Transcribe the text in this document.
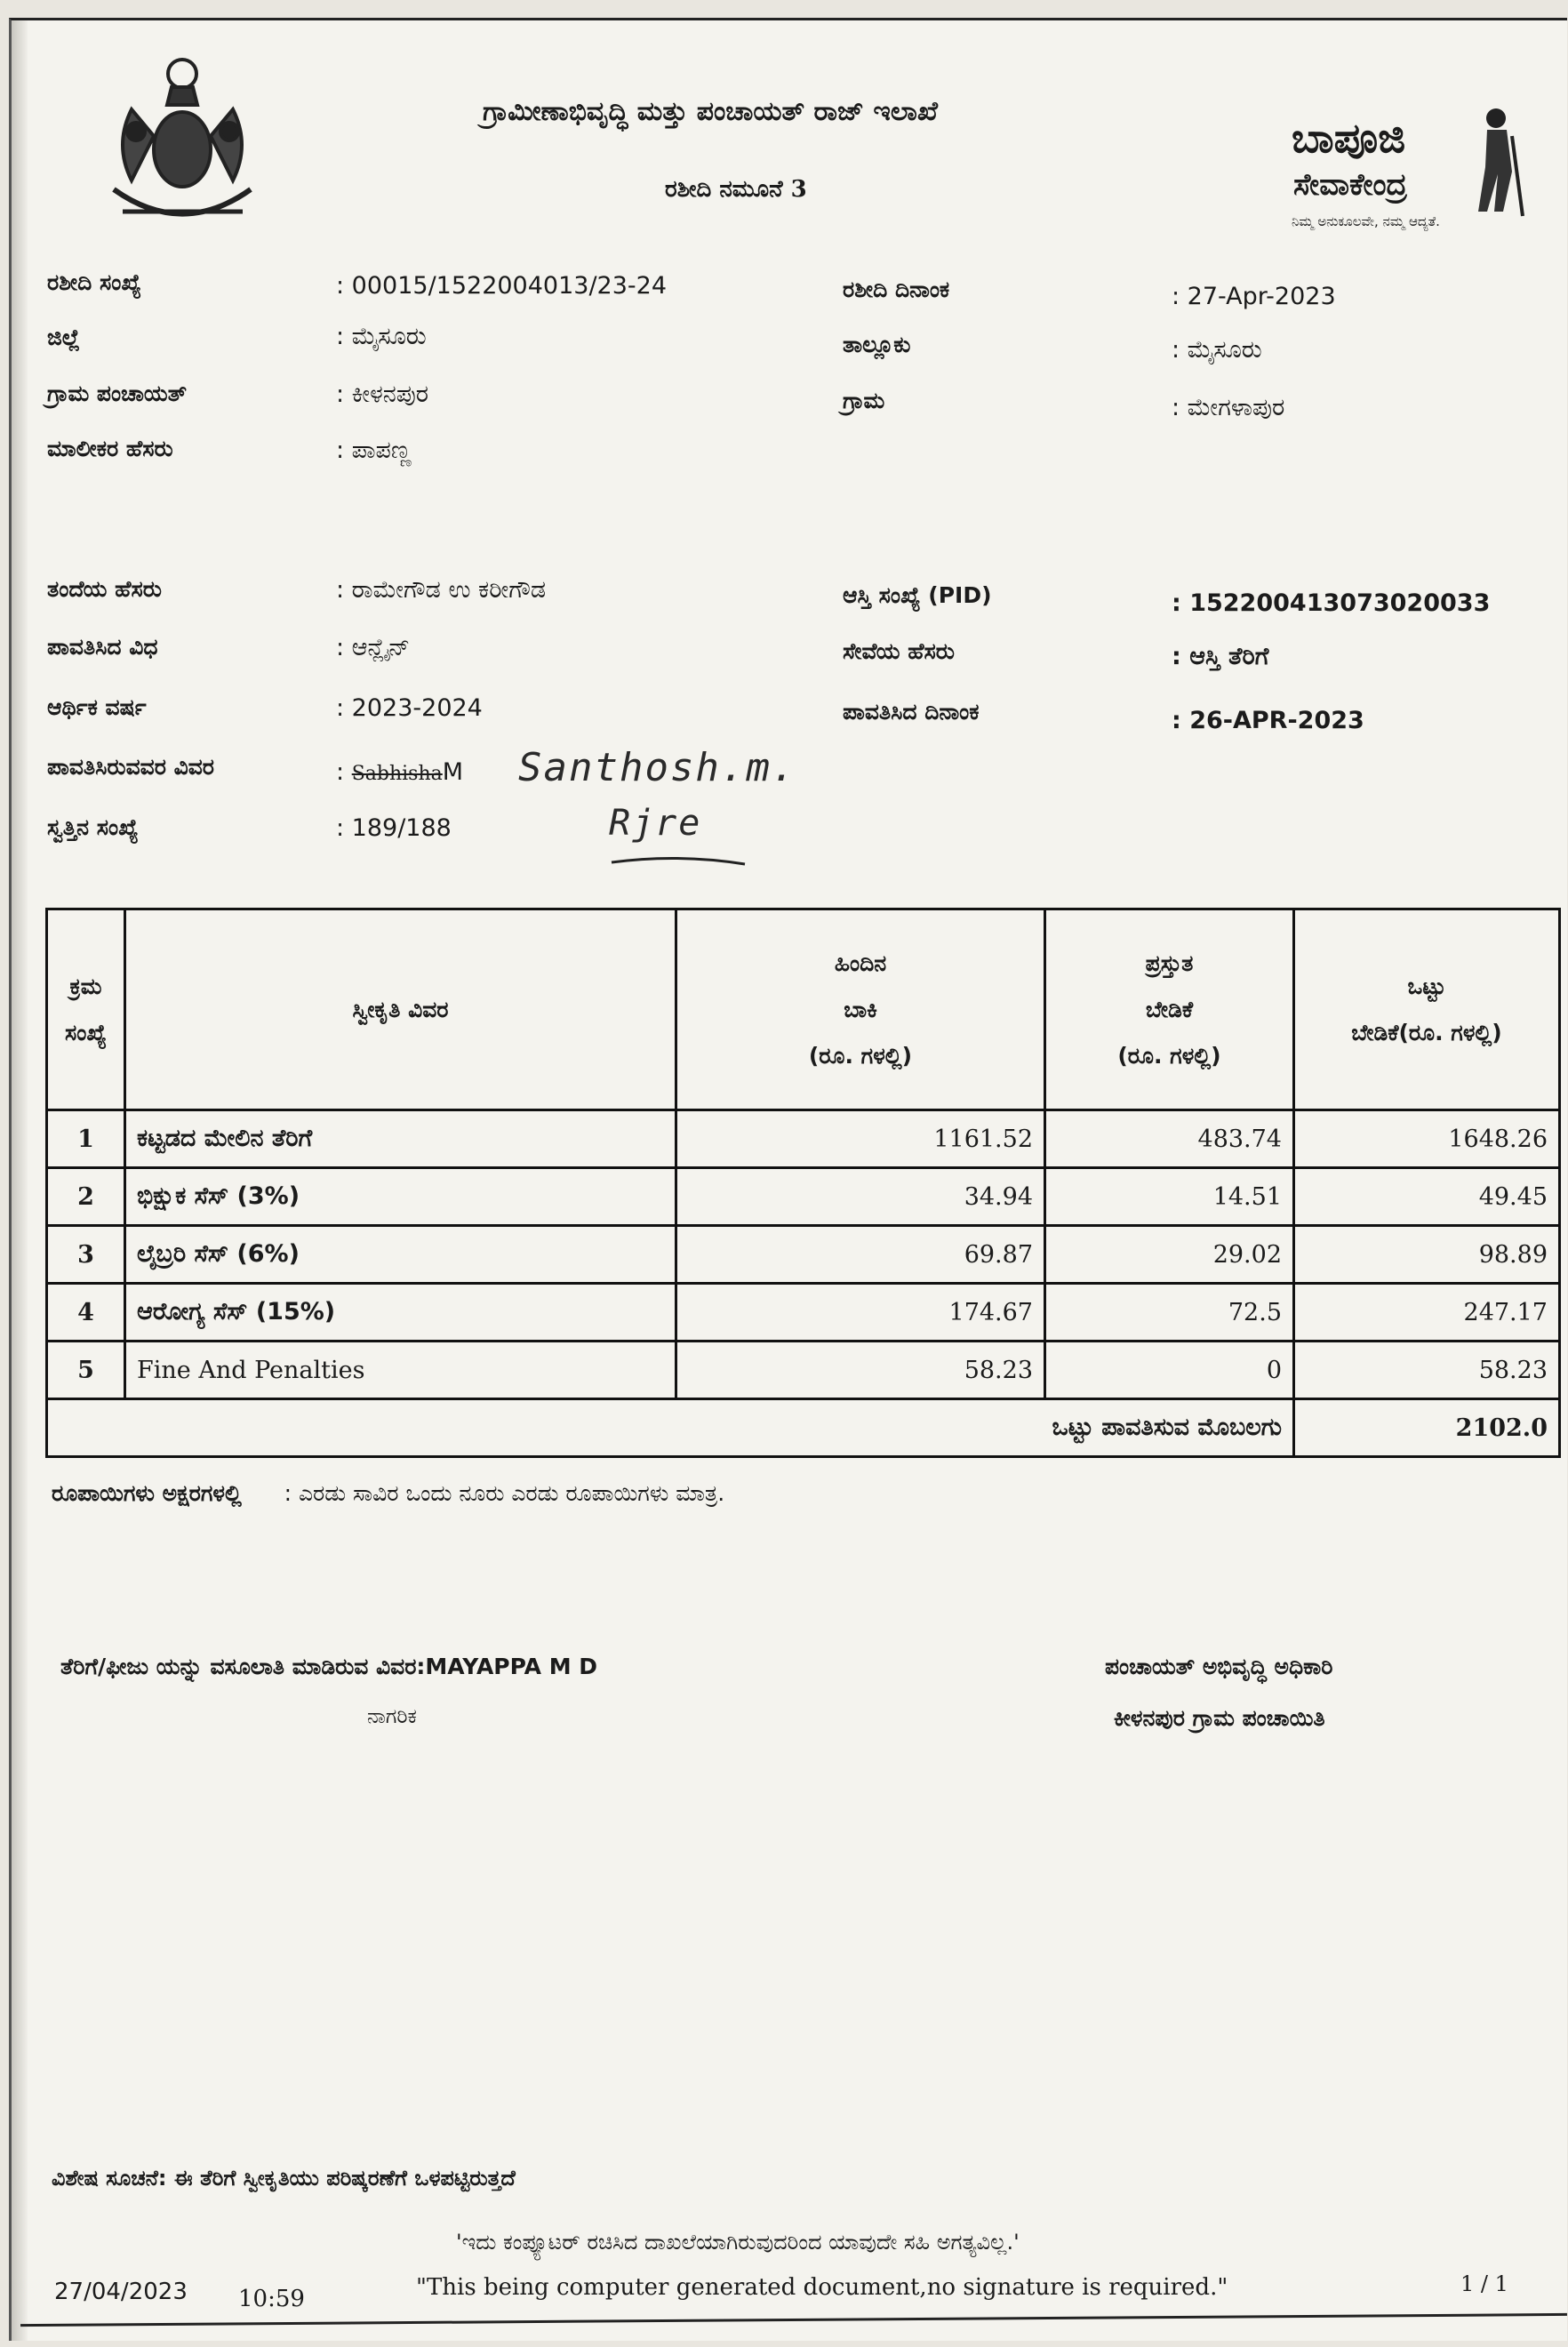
ಗ್ರಾಮೀಣಾಭಿವೃದ್ಧಿ ಮತ್ತು ಪಂಚಾಯತ್ ರಾಜ್ ಇಲಾಖೆ
ರಶೀದಿ ನಮೂನೆ 3
ಬಾಪೂಜಿ
ಸೇವಾಕೇಂದ್ರ
ನಿಮ್ಮ ಅನುಕೂಲವೇ, ನಮ್ಮ ಆದ್ಯತೆ.
ರಶೀದಿ ಸಂಖ್ಯೆ	: 00015/1522004013/23-24	ರಶೀದಿ ದಿನಾಂಕ	: 27-Apr-2023
ಜಿಲ್ಲೆ	: ಮೈಸೂರು	ತಾಲ್ಲೂಕು	: ಮೈಸೂರು
ಗ್ರಾಮ ಪಂಚಾಯತ್	: ಕೀಳನಪುರ	ಗ್ರಾಮ	: ಮೇಗಳಾಪುರ
ಮಾಲೀಕರ ಹೆಸರು	: ಪಾಪಣ್ಣ
ತಂದೆಯ ಹೆಸರು	: ರಾಮೇಗೌಡ ಉ ಕರೀಗೌಡ	ಆಸ್ತಿ ಸಂಖ್ಯೆ (PID)	: 152200413073020033
ಪಾವತಿಸಿದ ವಿಧ	: ಆನ್ಲೈನ್	ಸೇವೆಯ ಹೆಸರು	: ಆಸ್ತಿ ತೆರಿಗೆ
ಆರ್ಥಿಕ ವರ್ಷ	: 2023-2024	ಪಾವತಿಸಿದ ದಿನಾಂಕ	: 26-APR-2023
ಪಾವತಿಸಿರುವವರ ವಿವರ	: SabhishaM Santhosh.m.
ಸ್ವತ್ತಿನ ಸಂಖ್ಯೆ	: 189/188	Rjre
ಕ್ರಮ
ಸಂಖ್ಯೆ	ಸ್ವೀಕೃತಿ ವಿವರ	ಹಿಂದಿನ
ಬಾಕಿ
(ರೂ. ಗಳಲ್ಲಿ)	ಪ್ರಸ್ತುತ
ಬೇಡಿಕೆ
(ರೂ. ಗಳಲ್ಲಿ)	ಒಟ್ಟು
ಬೇಡಿಕೆ(ರೂ. ಗಳಲ್ಲಿ)

1	ಕಟ್ಟಡದ ಮೇಲಿನ ತೆರಿಗೆ	1161.52	483.74	1648.26
2	ಭಿಕ್ಷುಕ ಸೆಸ್ (3%)	34.94	14.51	49.45
3	ಲೈಬ್ರರಿ ಸೆಸ್ (6%)	69.87	29.02	98.89
4	ಆರೋಗ್ಯ ಸೆಸ್ (15%)	174.67	72.5	247.17
5	Fine And Penalties	58.23	0	58.23
ಒಟ್ಟು ಪಾವತಿಸುವ ಮೊಬಲಗು				2102.0
ರೂಪಾಯಿಗಳು ಅಕ್ಷರಗಳಲ್ಲಿ : ಎರಡು ಸಾವಿರ ಒಂದು ನೂರು ಎರಡು ರೂಪಾಯಿಗಳು ಮಾತ್ರ.
ತೆರಿಗೆ/ಫೀಜು ಯನ್ನು ವಸೂಲಾತಿ ಮಾಡಿರುವ ವಿವರ:MAYAPPA M D
ನಾಗರಿಕ
ಪಂಚಾಯತ್ ಅಭಿವೃದ್ಧಿ ಅಧಿಕಾರಿ
ಕೀಳನಪುರ ಗ್ರಾಮ ಪಂಚಾಯಿತಿ
ವಿಶೇಷ ಸೂಚನೆ: ಈ ತೆರಿಗೆ ಸ್ವೀಕೃತಿಯು ಪರಿಷ್ಕರಣೆಗೆ ಒಳಪಟ್ಟಿರುತ್ತದೆ
'ಇದು ಕಂಪ್ಯೂಟರ್ ರಚಿಸಿದ ದಾಖಲೆಯಾಗಿರುವುದರಿಂದ ಯಾವುದೇ ಸಹಿ ಅಗತ್ಯವಿಲ್ಲ.'
"This being computer generated document,no signature is required."
27/04/2023 10:59
1 / 1
